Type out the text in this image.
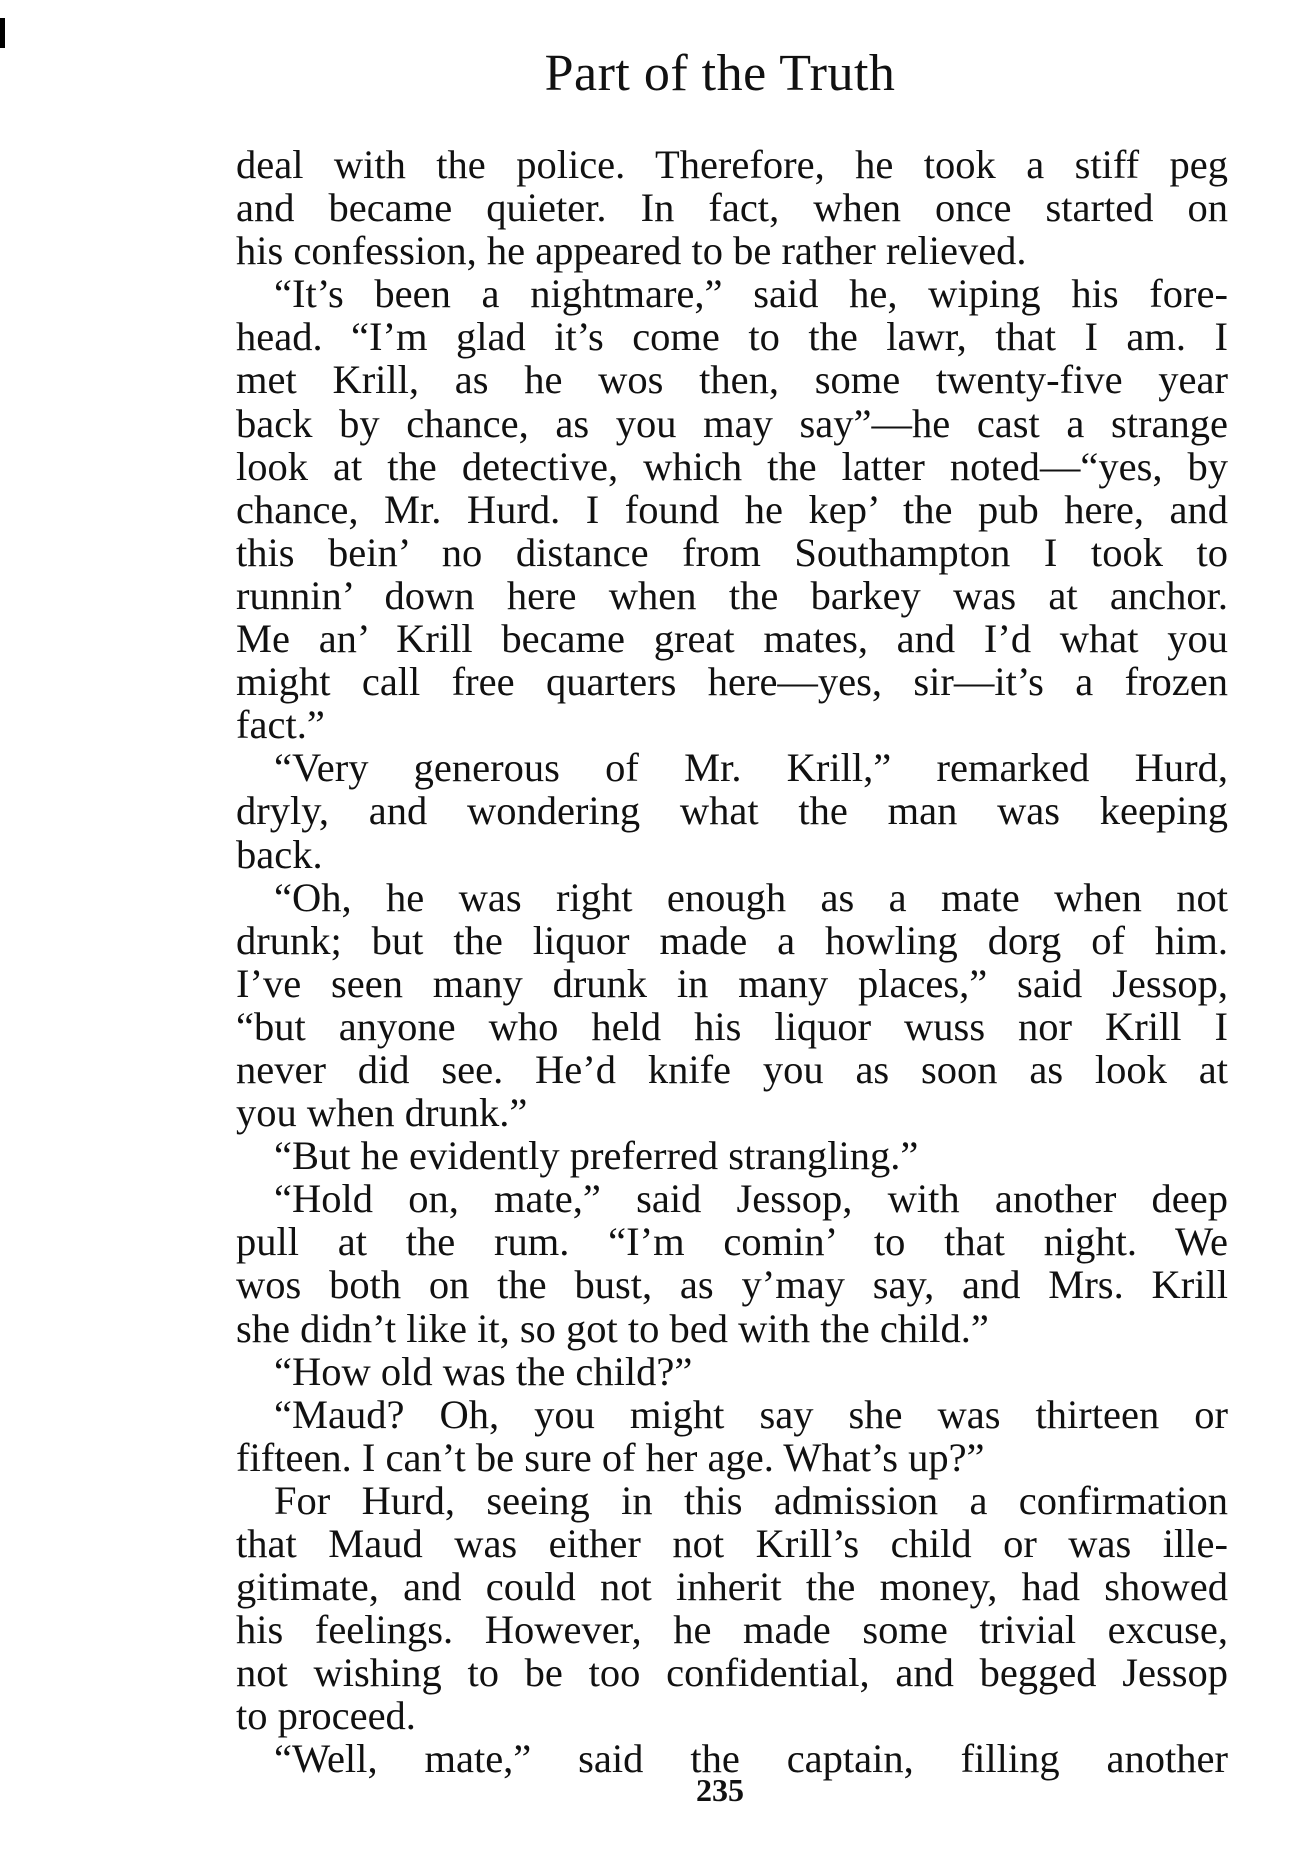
Part of the Truth
deal with the police. Therefore, he took a stiff peg
and became quieter. In fact, when once started on
his confession, he appeared to be rather relieved.
“It’s been a nightmare,” said he, wiping his fore-
head. “I’m glad it’s come to the lawr, that I am. I
met Krill, as he wos then, some twenty-five year
back by chance, as you may say”—he cast a strange
look at the detective, which the latter noted—“yes, by
chance, Mr. Hurd. I found he kep’ the pub here, and
this bein’ no distance from Southampton I took to
runnin’ down here when the barkey was at anchor.
Me an’ Krill became great mates, and I’d what you
might call free quarters here—yes, sir—it’s a frozen
fact.”
“Very generous of Mr. Krill,” remarked Hurd,
dryly, and wondering what the man was keeping
back.
“Oh, he was right enough as a mate when not
drunk; but the liquor made a howling dorg of him.
I’ve seen many drunk in many places,” said Jessop,
“but anyone who held his liquor wuss nor Krill I
never did see. He’d knife you as soon as look at
you when drunk.”
“But he evidently preferred strangling.”
“Hold on, mate,” said Jessop, with another deep
pull at the rum. “I’m comin’ to that night. We
wos both on the bust, as y’may say, and Mrs. Krill
she didn’t like it, so got to bed with the child.”
“How old was the child?”
“Maud? Oh, you might say she was thirteen or
fifteen. I can’t be sure of her age. What’s up?”
For Hurd, seeing in this admission a confirmation
that Maud was either not Krill’s child or was ille-
gitimate, and could not inherit the money, had showed
his feelings. However, he made some trivial excuse,
not wishing to be too confidential, and begged Jessop
to proceed.
“Well, mate,” said the captain, filling another
235
